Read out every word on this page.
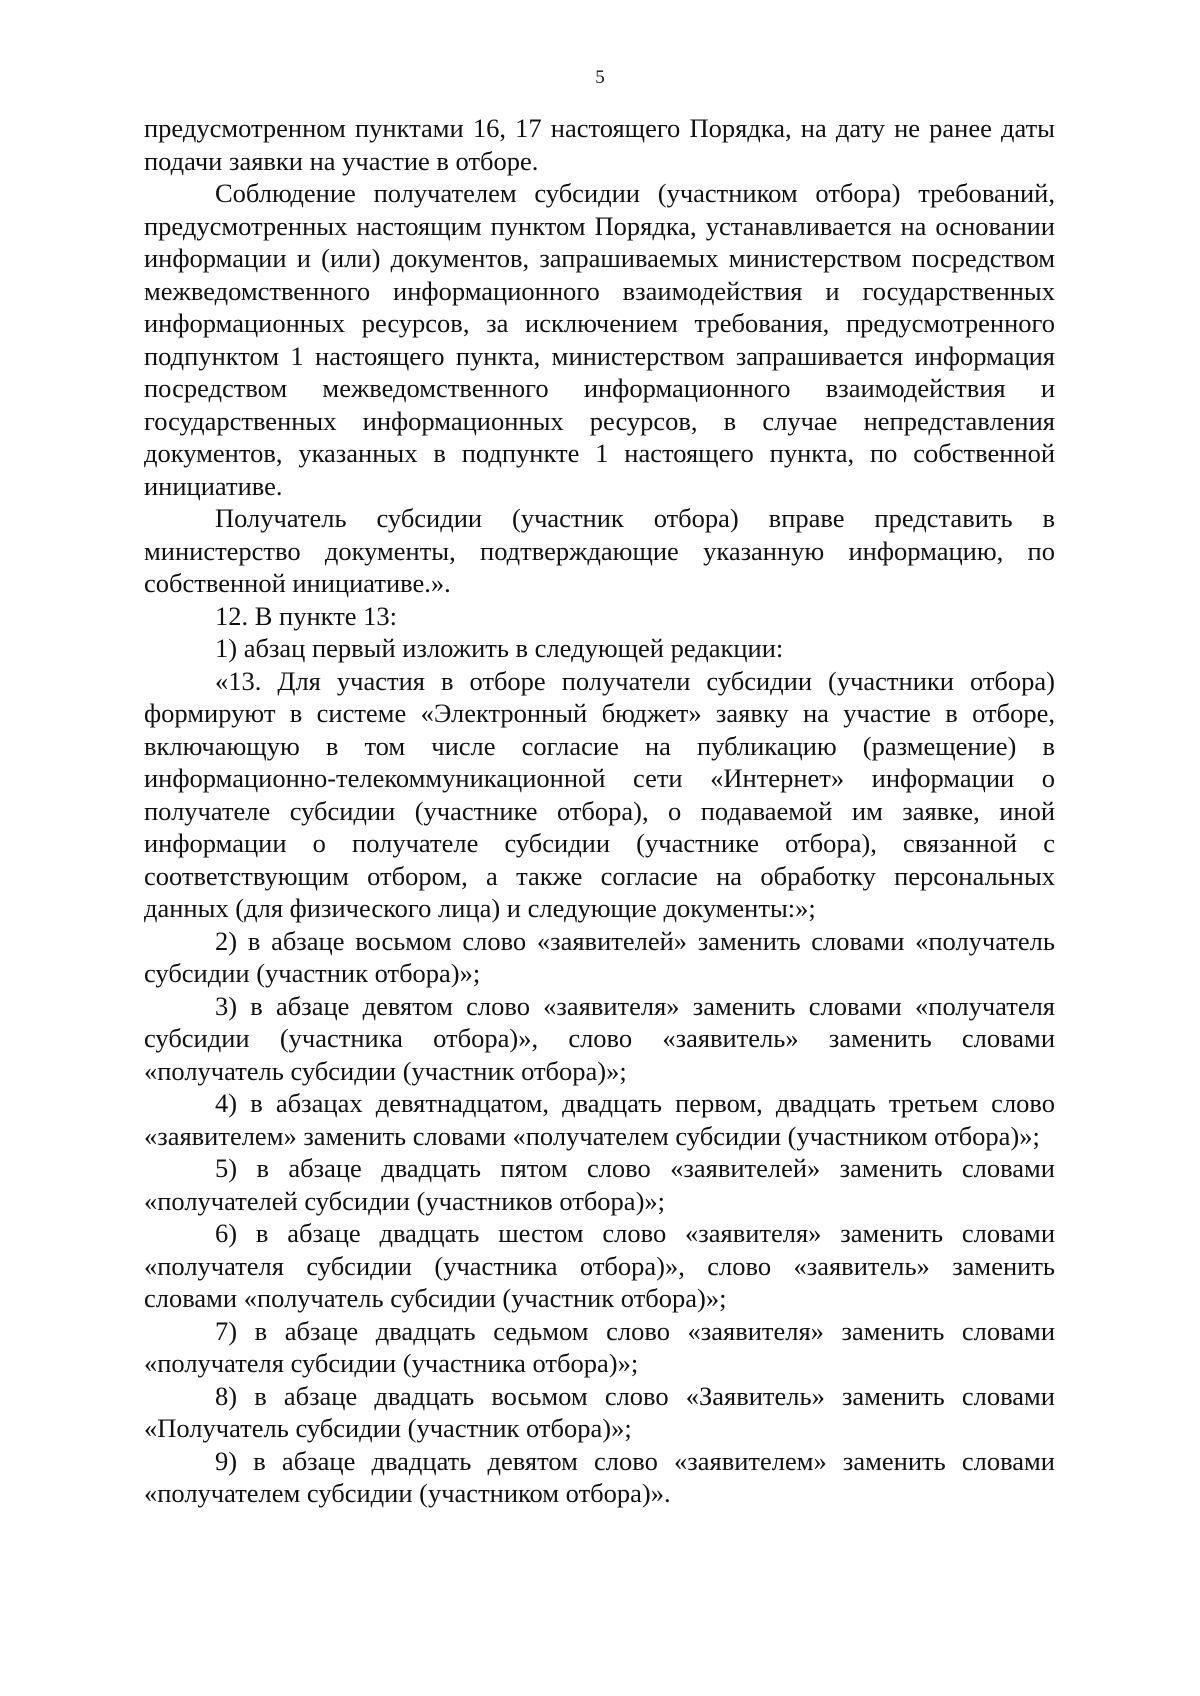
5

предусмотренном пунктами 16, 17 настоящего Порядка, на дату не ранее даты подачи заявки на участие в отборе.

Соблюдение получателем субсидии (участником отбора) требований, предусмотренных настоящим пунктом Порядка, устанавливается на основании информации и (или) документов, запрашиваемых министерством посредством межведомственного информационного взаимодействия и государственных информационных ресурсов, за исключением требования, предусмотренного подпунктом 1 настоящего пункта, министерством запрашивается информация посредством межведомственного информационного взаимодействия и государственных информационных ресурсов, в случае непредставления документов, указанных в подпункте 1 настоящего пункта, по собственной инициативе.

Получатель субсидии (участник отбора) вправе представить в министерство документы, подтверждающие указанную информацию, по собственной инициативе.».

12. В пункте 13:

1) абзац первый изложить в следующей редакции:

«13. Для участия в отборе получатели субсидии (участники отбора) формируют в системе «Электронный бюджет» заявку на участие в отборе, включающую в том числе согласие на публикацию (размещение) в информационно-телекоммуникационной сети «Интернет» информации о получателе субсидии (участнике отбора), о подаваемой им заявке, иной информации о получателе субсидии (участнике отбора), связанной с соответствующим отбором, а также согласие на обработку персональных данных (для физического лица) и следующие документы:»;

2) в абзаце восьмом слово «заявителей» заменить словами «получатель субсидии (участник отбора)»;

3) в абзаце девятом слово «заявителя» заменить словами «получателя субсидии (участника отбора)», слово «заявитель» заменить словами «получатель субсидии (участник отбора)»;

4) в абзацах девятнадцатом, двадцать первом, двадцать третьем слово «заявителем» заменить словами «получателем субсидии (участником отбора)»;

5) в абзаце двадцать пятом слово «заявителей» заменить словами «получателей субсидии (участников отбора)»;

6) в абзаце двадцать шестом слово «заявителя» заменить словами «получателя субсидии (участника отбора)», слово «заявитель» заменить словами «получатель субсидии (участник отбора)»;

7) в абзаце двадцать седьмом слово «заявителя» заменить словами «получателя субсидии (участника отбора)»;

8) в абзаце двадцать восьмом слово «Заявитель» заменить словами «Получатель субсидии (участник отбора)»;

9) в абзаце двадцать девятом слово «заявителем» заменить словами «получателем субсидии (участником отбора)».
